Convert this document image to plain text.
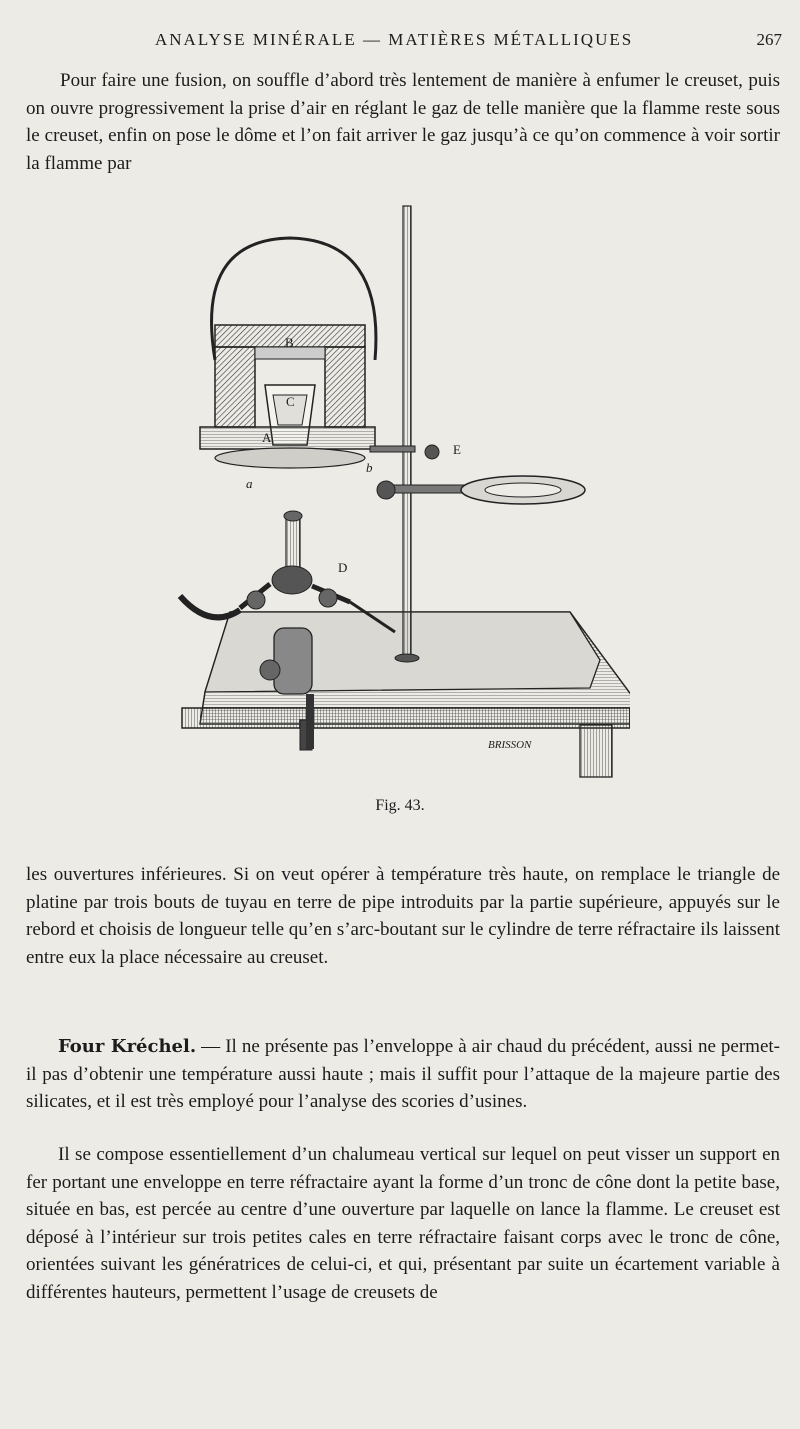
ANALYSE MINÉRALE — MATIÈRES MÉTALLIQUES	267

Pour faire une fusion, on souffle d’abord très lentement de manière à enfumer le creuset, puis on ouvre progressivement la prise d’air en réglant le gaz de telle manière que la flamme reste sous le creuset, enfin on pose le dôme et l’on fait arriver le gaz jusqu’à ce qu’on commence à voir sortir la flamme par

B
C
A
a
b
E
D
BRISSON
Fig. 43.

les ouvertures inférieures. Si on veut opérer à température très haute, on remplace le triangle de platine par trois bouts de tuyau en terre de pipe introduits par la partie supérieure, appuyés sur le rebord et choisis de longueur telle qu’en s’arc-boutant sur le cylindre de terre réfractaire ils laissent entre eux la place nécessaire au creuset.

Four Kréchel. — Il ne présente pas l’enveloppe à air chaud du précédent, aussi ne permet-il pas d’obtenir une température aussi haute ; mais il suffit pour l’attaque de la majeure partie des silicates, et il est très employé pour l’analyse des scories d’usines.

Il se compose essentiellement d’un chalumeau vertical sur lequel on peut visser un support en fer portant une enveloppe en terre réfractaire ayant la forme d’un tronc de cône dont la petite base, située en bas, est percée au centre d’une ouverture par laquelle on lance la flamme. Le creuset est déposé à l’intérieur sur trois petites cales en terre réfractaire faisant corps avec le tronc de cône, orientées suivant les génératrices de celui-ci, et qui, présentant par suite un écartement variable à différentes hauteurs, permettent l’usage de creusets de
